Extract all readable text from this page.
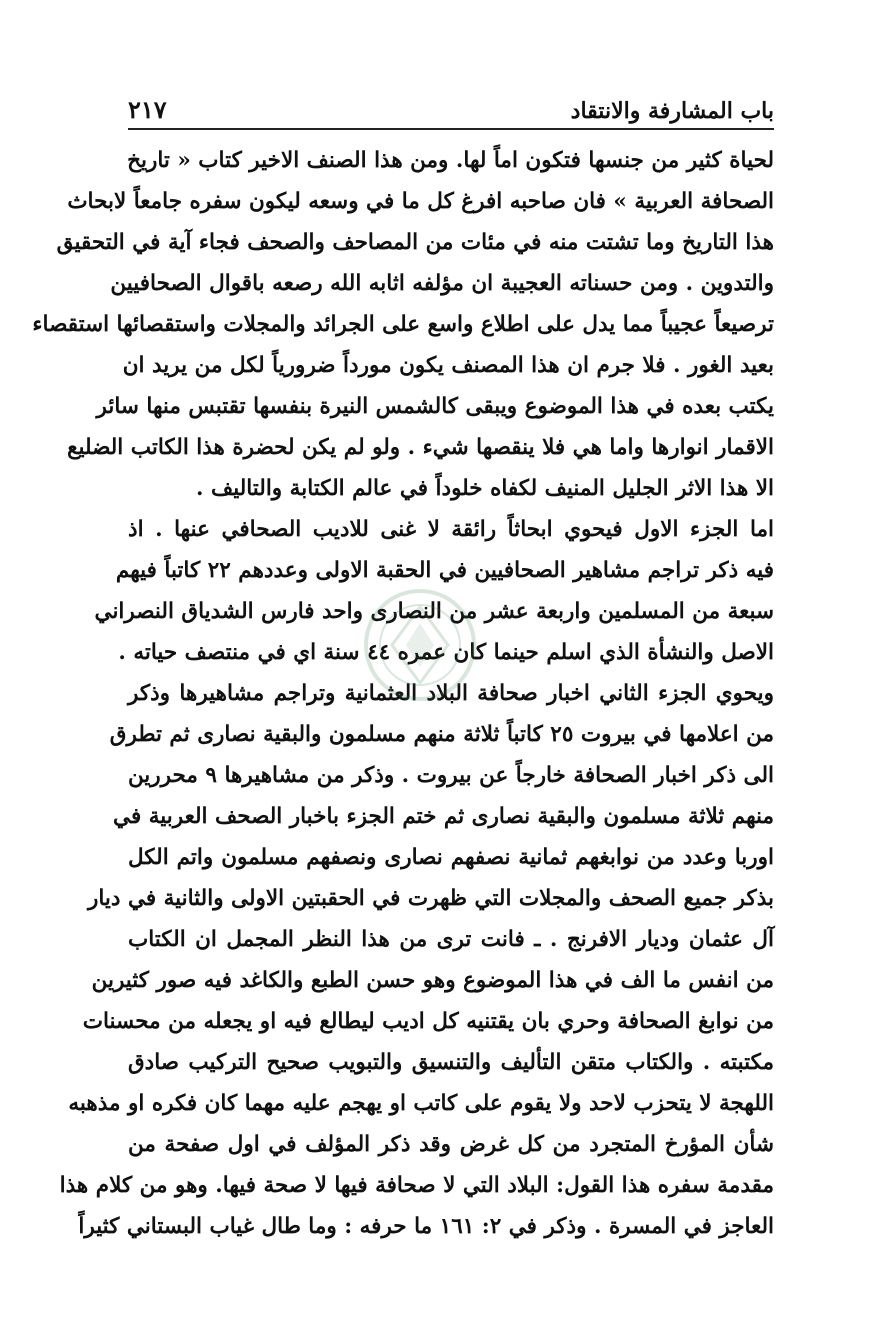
باب المشارفة والانتقاد
٢١٧
لحياة كثير من جنسها فتكون اماً لها. ومن هذا الصنف الاخير كتاب « تاريخ
الصحافة العربية » فان صاحبه افرغ كل ما في وسعه ليكون سفره جامعاً لابحاث
هذا التاريخ وما تشتت منه في مئات من المصاحف والصحف فجاء آية في التحقيق
والتدوين . ومن حسناته العجيبة ان مؤلفه اثابه الله رصعه باقوال الصحافيين
ترصيعاً عجيباً مما يدل على اطلاع واسع على الجرائد والمجلات واستقصائها استقصاء
بعيد الغور . فلا جرم ان هذا المصنف يكون مورداً ضرورياً لكل من يريد ان
يكتب بعده في هذا الموضوع ويبقى كالشمس النيرة بنفسها تقتبس منها سائر
الاقمار انوارها واما هي فلا ينقصها شيء . ولو لم يكن لحضرة هذا الكاتب الضليع
الا هذا الاثر الجليل المنيف لكفاه خلوداً في عالم الكتابة والتاليف .
اما الجزء الاول فيحوي ابحاثاً رائقة لا غنى للاديب الصحافي عنها . اذ
فيه ذكر تراجم مشاهير الصحافيين في الحقبة الاولى وعددهم ٢٢ كاتباً فيهم
سبعة من المسلمين واربعة عشر من النصارى واحد فارس الشدياق النصراني
الاصل والنشأة الذي اسلم حينما كان عمره ٤٤ سنة اي في منتصف حياته .
ويحوي الجزء الثاني اخبار صحافة البلاد العثمانية وتراجم مشاهيرها وذكر
من اعلامها في بيروت ٢٥ كاتباً ثلاثة منهم مسلمون والبقية نصارى ثم تطرق
الى ذكر اخبار الصحافة خارجاً عن بيروت . وذكر من مشاهيرها ٩ محررين
منهم ثلاثة مسلمون والبقية نصارى ثم ختم الجزء باخبار الصحف العربية في
اوربا وعدد من نوابغهم ثمانية نصفهم نصارى ونصفهم مسلمون واتم الكل
بذكر جميع الصحف والمجلات التي ظهرت في الحقبتين الاولى والثانية في ديار
آل عثمان وديار الافرنج . ـ فانت ترى من هذا النظر المجمل ان الكتاب
من انفس ما الف في هذا الموضوع وهو حسن الطبع والكاغد فيه صور كثيرين
من نوابغ الصحافة وحري بان يقتنيه كل اديب ليطالع فيه او يجعله من محسنات
مكتبته . والكتاب متقن التأليف والتنسيق والتبويب صحيح التركيب صادق
اللهجة لا يتحزب لاحد ولا يقوم على كاتب او يهجم عليه مهما كان فكره او مذهبه
شأن المؤرخ المتجرد من كل غرض وقد ذكر المؤلف في اول صفحة من
مقدمة سفره هذا القول: البلاد التي لا صحافة فيها لا صحة فيها. وهو من كلام هذا
العاجز في المسرة . وذكر في ٢: ١٦١ ما حرفه : وما طال غياب البستاني كثيراً
